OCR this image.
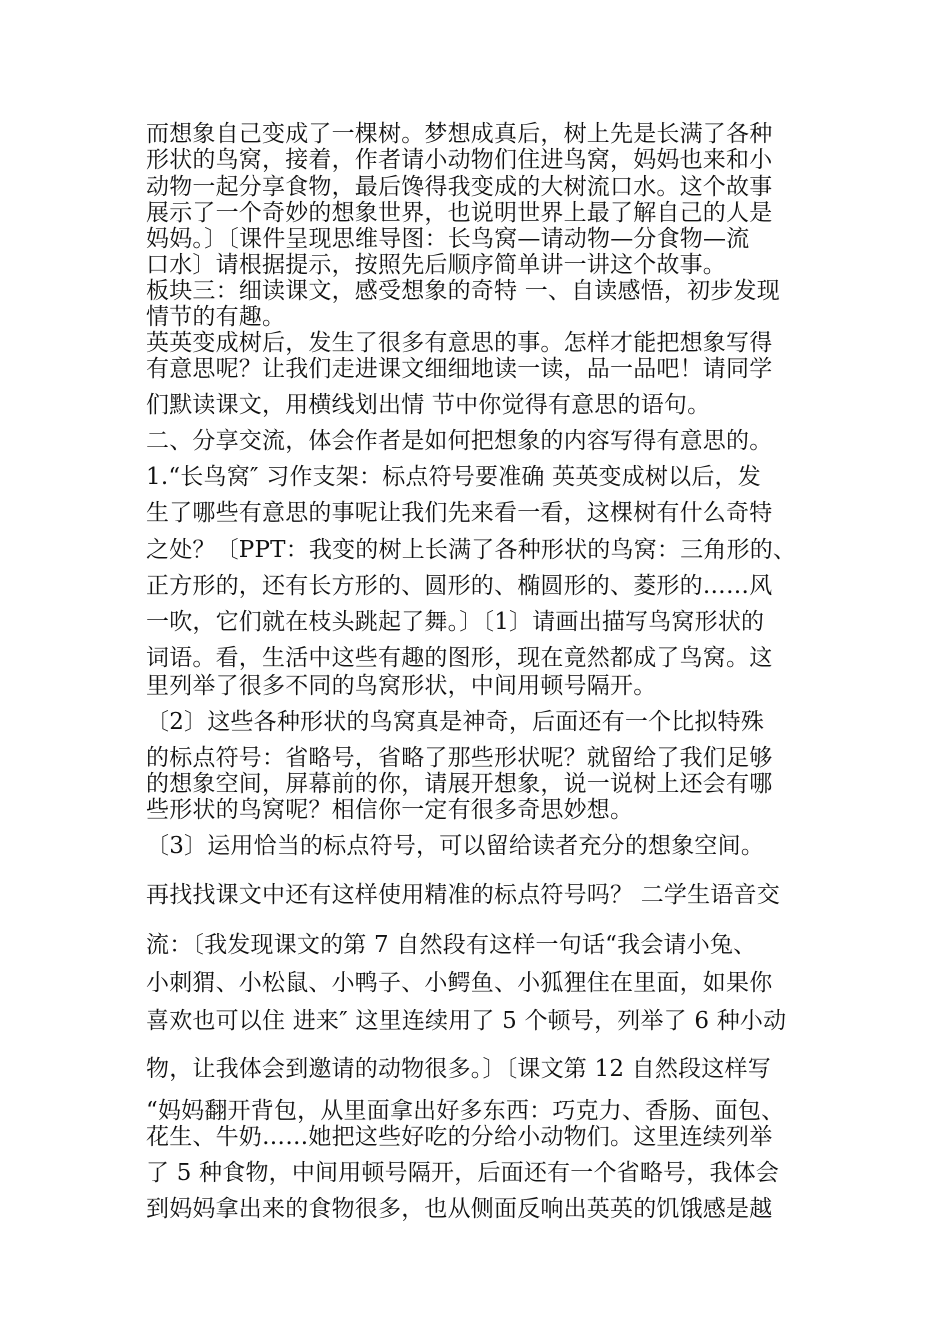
而想象自己变成了一棵树。梦想成真后，树上先是长满了各种
形状的鸟窝，接着，作者请小动物们住进鸟窝，妈妈也来和小
动物一起分享食物，最后馋得我变成的大树流口水。这个故事
展示了一个奇妙的想象世界，也说明世界上最了解自己的人是
妈妈。〕〔课件呈现思维导图：长鸟窝—请动物—分食物—流
口水〕请根据提示，按照先后顺序简单讲一讲这个故事。
板块三：细读课文，感受想象的奇特 一、自读感悟，初步发现
情节的有趣。
英英变成树后，发生了很多有意思的事。怎样才能把想象写得
有意思呢？让我们走进课文细细地读一读，品一品吧！请同学
们默读课文，用横线划出情 节中你觉得有意思的语句。
二、分享交流，体会作者是如何把想象的内容写得有意思的。
1.“长鸟窝″ 习作支架：标点符号要准确 英英变成树以后，发
生了哪些有意思的事呢让我们先来看一看，这棵树有什么奇特
之处？〔PPT：我变的树上长满了各种形状的鸟窝：三角形的、
正方形的，还有长方形的、圆形的、椭圆形的、菱形的……风
一吹，它们就在枝头跳起了舞。〕〔1〕请画出描写鸟窝形状的
词语。看，生活中这些有趣的图形，现在竟然都成了鸟窝。这
里列举了很多不同的鸟窝形状，中间用顿号隔开。
〔2〕这些各种形状的鸟窝真是神奇，后面还有一个比拟特殊
的标点符号：省略号，省略了那些形状呢？就留给了我们足够
的想象空间，屏幕前的你，请展开想象，说一说树上还会有哪
些形状的鸟窝呢？相信你一定有很多奇思妙想。
〔3〕运用恰当的标点符号，可以留给读者充分的想象空间。
再找找课文中还有这样使用精准的标点符号吗？ 二学生语音交
流：〔我发现课文的第 7 自然段有这样一句话“我会请小兔、
小刺猬、小松鼠、小鸭子、小鳄鱼、小狐狸住在里面，如果你
喜欢也可以住 进来″ 这里连续用了 5 个顿号，列举了 6 种小动
物，让我体会到邀请的动物很多。〕〔课文第 12 自然段这样写
“妈妈翻开背包，从里面拿出好多东西：巧克力、香肠、面包、
花生、牛奶……她把这些好吃的分给小动物们。这里连续列举
了 5 种食物，中间用顿号隔开，后面还有一个省略号，我体会
到妈妈拿出来的食物很多，也从侧面反响出英英的饥饿感是越
